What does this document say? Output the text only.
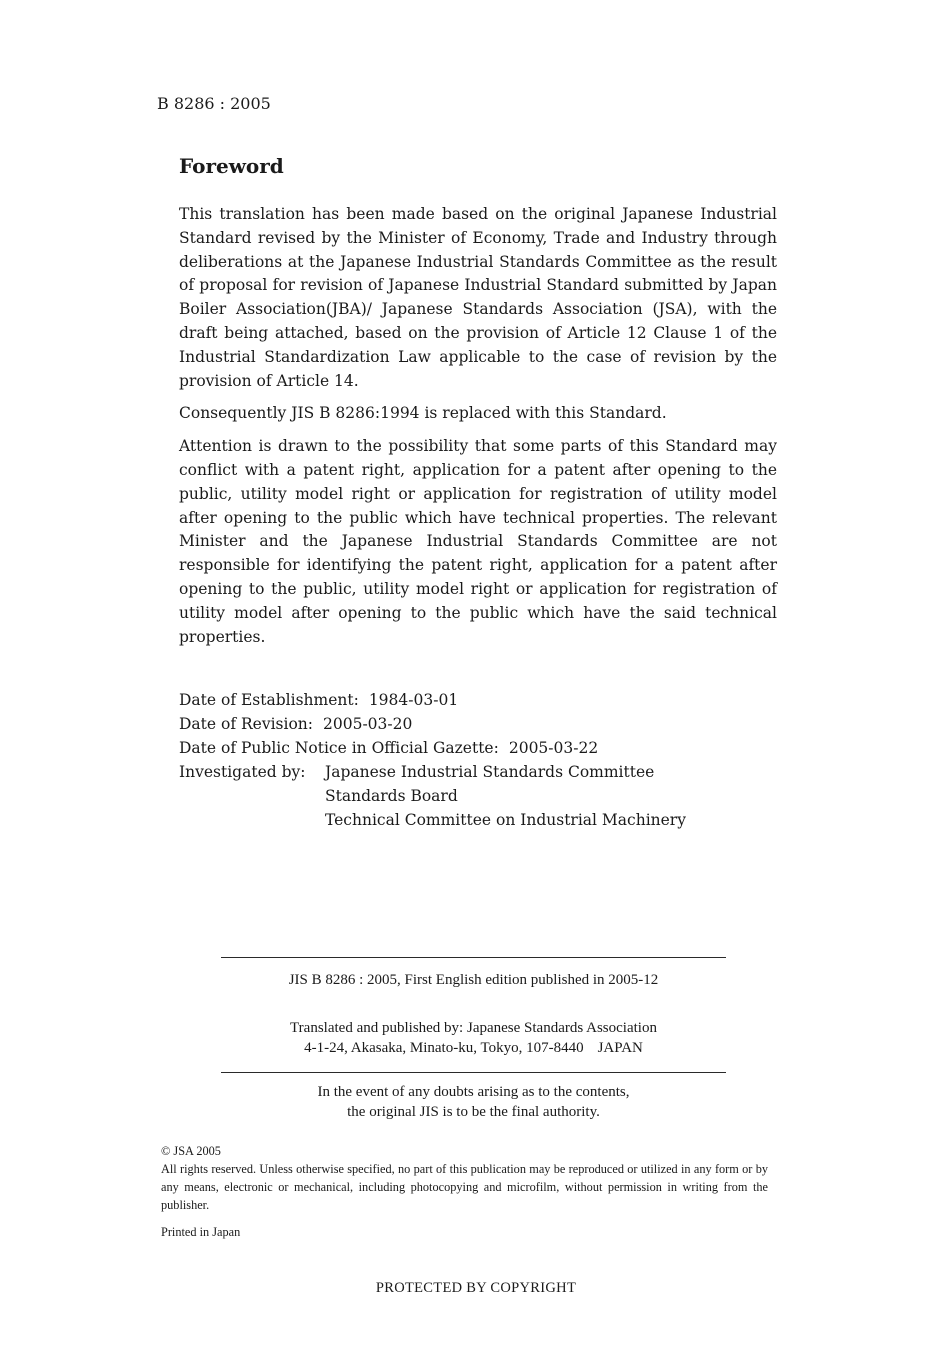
B 8286 : 2005
Foreword

This translation has been made based on the original Japanese Industrial Standard revised by the Minister of Economy, Trade and Industry through deliberations at the Japanese Industrial Standards Committee as the result of proposal for revision of Japanese Industrial Standard submitted by Japan Boiler Association(JBA)/ Japanese Standards Association (JSA), with the draft being attached, based on the provision of Article 12 Clause 1 of the Industrial Standardization Law applicable to the case of revision by the provision of Article 14.

Consequently JIS B 8286:1994 is replaced with this Standard.

Attention is drawn to the possibility that some parts of this Standard may conflict with a patent right, application for a patent after opening to the public, utility model right or application for registration of utility model after opening to the public which have technical properties. The relevant Minister and the Japanese Industrial Standards Committee are not responsible for identifying the patent right, application for a patent after opening to the public, utility model right or application for registration of utility model after opening to the public which have the said technical properties.

Date of Establishment: 1984-03-01
Date of Revision: 2005-03-20
Date of Public Notice in Official Gazette: 2005-03-22
Investigated by:	Japanese Industrial Standards Committee
Standards Board
Technical Committee on Industrial Machinery
JIS B 8286 : 2005, First English edition published in 2005-12
Translated and published by: Japanese Standards Association
4-1-24, Akasaka, Minato-ku, Tokyo, 107-8440 JAPAN
In the event of any doubts arising as to the contents,
the original JIS is to be the final authority.
© JSA 2005
All rights reserved. Unless otherwise specified, no part of this publication may be reproduced or utilized in any form or by any means, electronic or mechanical, including photocopying and microfilm, without permission in writing from the publisher.
Printed in Japan
PROTECTED BY COPYRIGHT
